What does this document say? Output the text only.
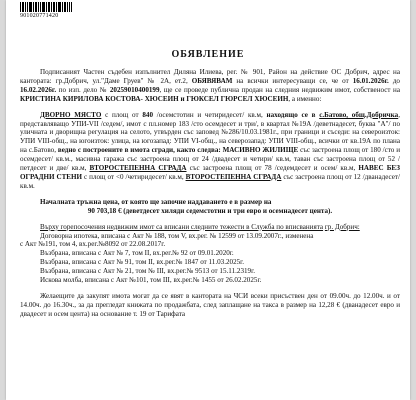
901020771420
ОБЯВЛЕНИЕ

Подписаният Частен съдебен изпълнител Диляна Илиева, рег. № 901, Район на действие ОС Добрич, адрес на кантората: гр.Добрич, ул."Даме Груев" № 2А, ет.2, ОБЯВЯВАМ на всички интересуващи се, че от 16.01.2026г. до 16.02.2026г. по изп. дело № 20259010400199, ще се проведе публична продан на следния недвижим имот, собственост на КРИСТИНА КИРИЛОВА КОСТОВА- ХЮСЕИН и ГЮКСЕЛ ГЮРСЕЛ ХЮСЕИН, а именно:

ДВОРНО МЯСТО с площ от 840 /осемстотин и четиридесет/ кв.м, находящо се в с.Батово, общ.Добричка, представляващо УПИ-VII /седем/, имот с пл.номер 183 /сто осемдесет и три/, в квартал №19А /деветнадесет, буква "А"/ по уличната и дворищна регулация на селото, утвърден със заповед №286/10.03.1981г., при граници и съседи: на североизток: УПИ VIII-общ., на югоизток: улица, на югозапад: УПИ VI-общ., на северозапад: УПИ VIII-общ., всички от кв.19А по плана на с.Батово, ведно с построените в имота сгради, както следва: МАСИВНО ЖИЛИЩЕ със застроена площ от 180 /сто и осемдесет/ кв.м., масивна гаража със застроена площ от 24 /двадесет и четири/ кв.м, таван със застроена площ от 52 /петдесет и две/ кв.м, ВТОРОСТЕПЕННА СГРАДА със застроена площ от 78 /седемдесет и осем/ кв.м, НАВЕС БЕЗ ОГРАДНИ СТЕНИ с площ от <0 /четиридесет/ кв.м, ВТОРОСТЕПЕННА СГРАДА със застроена площ от 12 /дванадесет/ кв.м.

Началната тръжна цена, от която ще започне наддаването е в размер на

90 703,18 € (деветдесет хиляди седемстотин и три евро и осемнадесет цента).

Върху горепосочения недвижим имот са вписани следните тежести в Служба по вписванията гр. Добрич:

Договорна ипотека, вписана с Акт № 188, том V, вх.рег. № 12599 от 13.09.2007г., изменена

с Акт №191, том 4, вх.рег.№8092 от 22.08.2017г.

Възбрана, вписана с Акт № 7, том II, вх.рег.№ 92 от 09.01.2020г.

Възбрана, вписана с Акт № 91, том II, вх.рег.№ 1847 от 11.03.2025г.

Възбрана, вписана с Акт № 21, том № III, вх.рег.№ 9513 от 15.11.2319г.

Искова молба, вписана с Акт №101, том III, вх.рег.№ 1455 от 26.02.2025г.

Желаещите да закупят имота могат да се явят в кантората на ЧСИ всеки присъствен ден от 09.00ч. до 12.00ч. и от 14.00ч. до 16.30ч., за да прегледат книжата по продажбата, след заплащане на такса в размер на 12,28 € (дванадесет евро и двадесет и осем цента) на основание т. 19 от Тарифата
